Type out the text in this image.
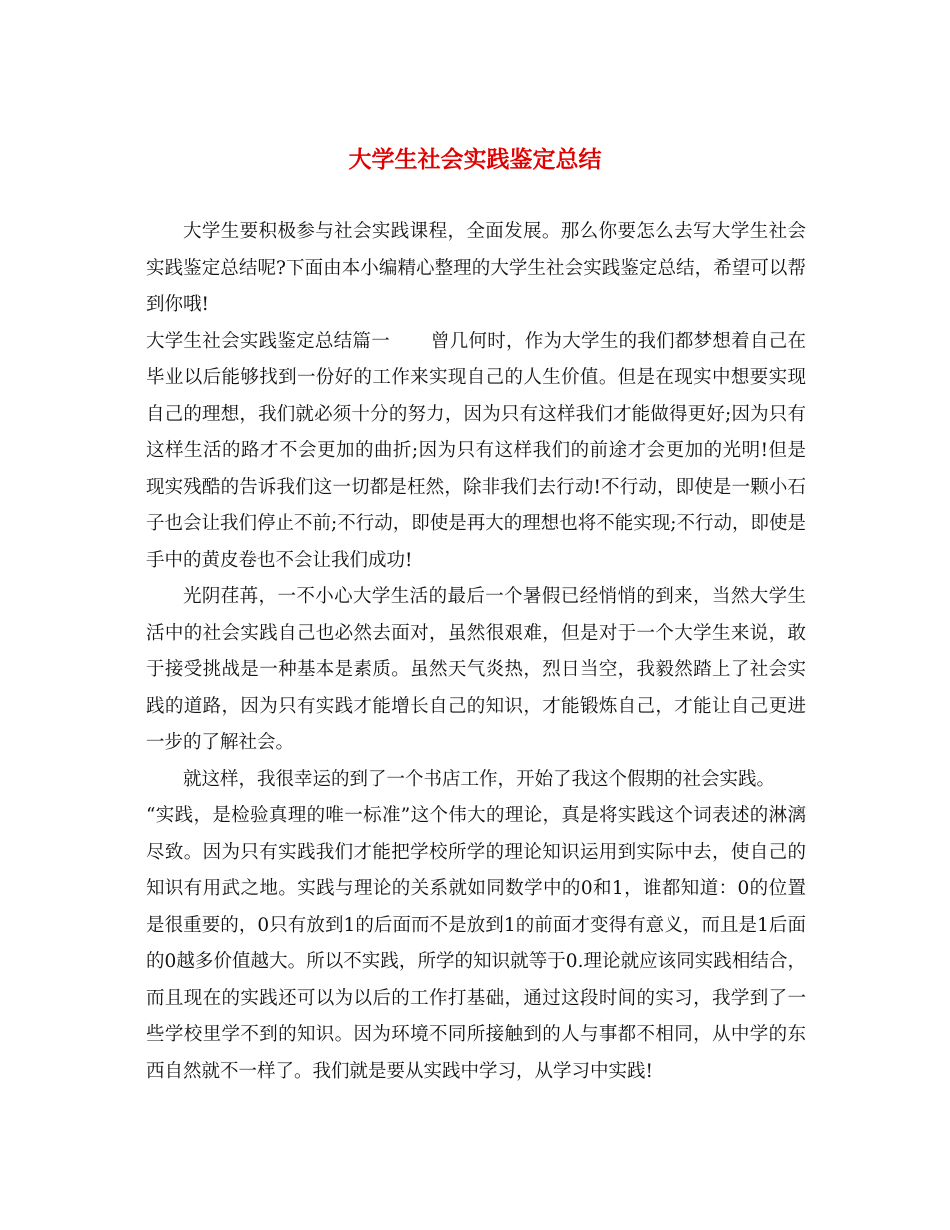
大学生社会实践鉴定总结

大学生要积极参与社会实践课程，全面发展。那么你要怎么去写大学生社会实践鉴定总结呢?下面由本小编精心整理的大学生社会实践鉴定总结，希望可以帮到你哦!

大学生社会实践鉴定总结篇一 曾几何时，作为大学生的我们都梦想着自己在毕业以后能够找到一份好的工作来实现自己的人生价值。但是在现实中想要实现自己的理想，我们就必须十分的努力，因为只有这样我们才能做得更好;因为只有这样生活的路才不会更加的曲折;因为只有这样我们的前途才会更加的光明!但是现实残酷的告诉我们这一切都是枉然，除非我们去行动!不行动，即使是一颗小石子也会让我们停止不前;不行动，即使是再大的理想也将不能实现;不行动，即使是手中的黄皮卷也不会让我们成功!

光阴荏苒，一不小心大学生活的最后一个暑假已经悄悄的到来，当然大学生活中的社会实践自己也必然去面对，虽然很艰难，但是对于一个大学生来说，敢于接受挑战是一种基本是素质。虽然天气炎热，烈日当空，我毅然踏上了社会实践的道路，因为只有实践才能增长自己的知识，才能锻炼自己，才能让自己更进一步的了解社会。

就这样，我很幸运的到了一个书店工作，开始了我这个假期的社会实践。

“实践，是检验真理的唯一标准”这个伟大的理论，真是将实践这个词表述的淋漓尽致。因为只有实践我们才能把学校所学的理论知识运用到实际中去，使自己的知识有用武之地。实践与理论的关系就如同数学中的0和1，谁都知道：0的位置是很重要的，0只有放到1的后面而不是放到1的前面才变得有意义，而且是1后面的0越多价值越大。所以不实践，所学的知识就等于0.理论就应该同实践相结合，而且现在的实践还可以为以后的工作打基础，通过这段时间的实习，我学到了一些学校里学不到的知识。因为环境不同所接触到的人与事都不相同，从中学的东西自然就不一样了。我们就是要从实践中学习，从学习中实践!
